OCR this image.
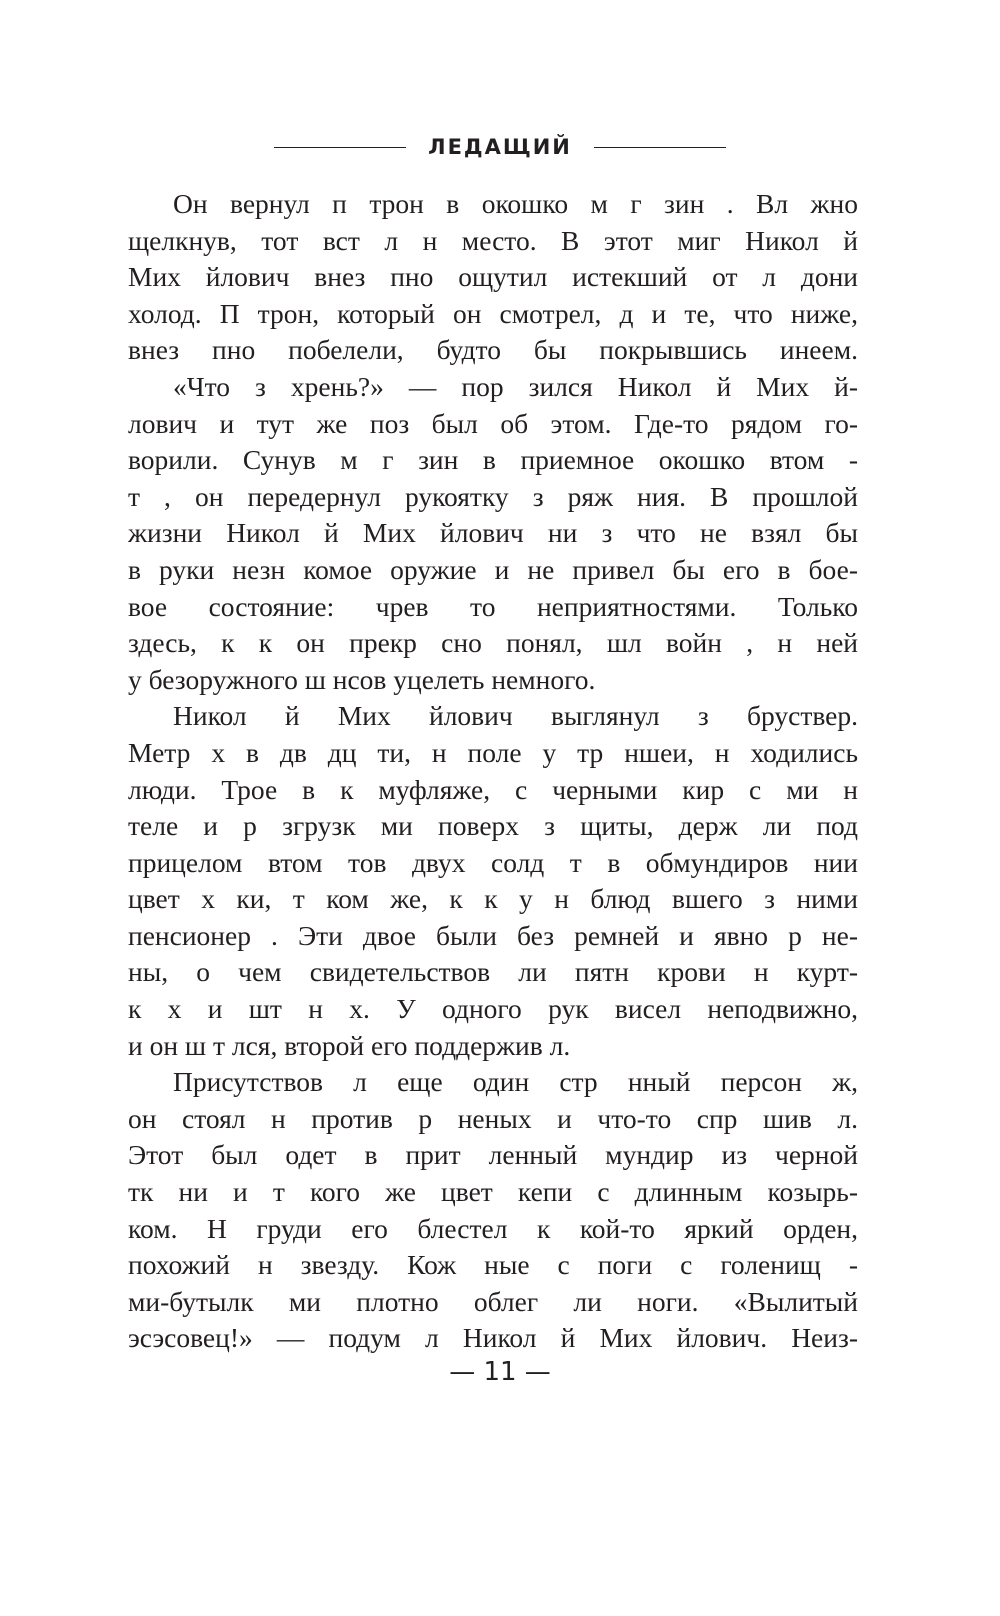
ЛЕДАЩИЙ
Он вернул п трон в окошко м г зин . Вл жно
щелкнув, тот вст л н место. В этот миг Никол й
Мих йлович внез пно ощутил истекший от л дони
холод. П трон, который он смотрел, д и те, что ниже,
внез пно побелели, будто бы покрывшись инеем.
«Что з хрень?» — пор зился Никол й Мих й-
лович и тут же поз был об этом. Где-то рядом го-
ворили. Сунув м г зин в приемное окошко втом -
т , он передернул рукоятку з ряж ния. В прошлой
жизни Никол й Мих йлович ни з что не взял бы
в руки незн комое оружие и не привел бы его в бое-
вое состояние: чрев то неприятностями. Только
здесь, к к он прекр сно понял, шл войн , н ней
у безоружного ш нсов уцелеть немного.
Никол й Мих йлович выглянул з бруствер.
Метр х в дв дц ти, н поле у тр ншеи, н ходились
люди. Трое в к муфляже, с черными кир с ми н
теле и р згрузк ми поверх з щиты, держ ли под
прицелом втом тов двух солд т в обмундиров нии
цвет х ки, т ком же, к к у н блюд вшего з ними
пенсионер . Эти двое были без ремней и явно р не-
ны, о чем свидетельствов ли пятн крови н курт-
к х и шт н х. У одного рук висел неподвижно,
и он ш т лся, второй его поддержив л.
Присутствов л еще один стр нный персон ж,
он стоял н против р неных и что-то спр шив л.
Этот был одет в прит ленный мундир из черной
тк ни и т кого же цвет кепи с длинным козырь-
ком. Н груди его блестел к кой-то яркий орден,
похожий н звезду. Кож ные с поги с голенищ -
ми-бутылк ми плотно облег ли ноги. «Вылитый
эсэсовец!» — подум л Никол й Мих йлович. Неиз-
— 11 —
